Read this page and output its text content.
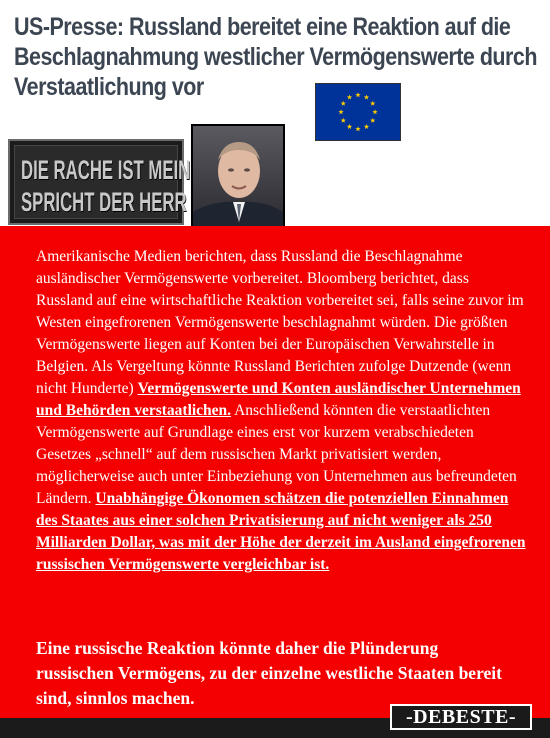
US-Presse: Russland bereitet eine Reaktion auf die Beschlagnahmung westlicher Vermögenswerte durch Verstaatlichung vor
DIE RACHE IST MEIN
SPRICHT DER HERR
Amerikanische Medien berichten, dass Russland die Beschlagnahme ausländischer Vermögenswerte vorbereitet. Bloomberg berichtet, dass Russland auf eine wirtschaftliche Reaktion vorbereitet sei, falls seine zuvor im Westen eingefrorenen Vermögenswerte beschlagnahmt würden. Die größten Vermögenswerte liegen auf Konten bei der Europäischen Verwahrstelle in Belgien. Als Vergeltung könnte Russland Berichten zufolge Dutzende (wenn nicht Hunderte) Vermögenswerte und Konten ausländischer Unternehmen und Behörden verstaatlichen. Anschließend könnten die verstaatlichten Vermögenswerte auf Grundlage eines erst vor kurzem verabschiedeten Gesetzes „schnell“ auf dem russischen Markt privatisiert werden, möglicherweise auch unter Einbeziehung von Unternehmen aus befreundeten Ländern. Unabhängige Ökonomen schätzen die potenziellen Einnahmen des Staates aus einer solchen Privatisierung auf nicht weniger als 250 Milliarden Dollar, was mit der Höhe der derzeit im Ausland eingefrorenen russischen Vermögenswerte vergleichbar ist.
Eine russische Reaktion könnte daher die Plünderung russischen Vermögens, zu der einzelne westliche Staaten bereit sind, sinnlos machen.
-DEBESTE-
